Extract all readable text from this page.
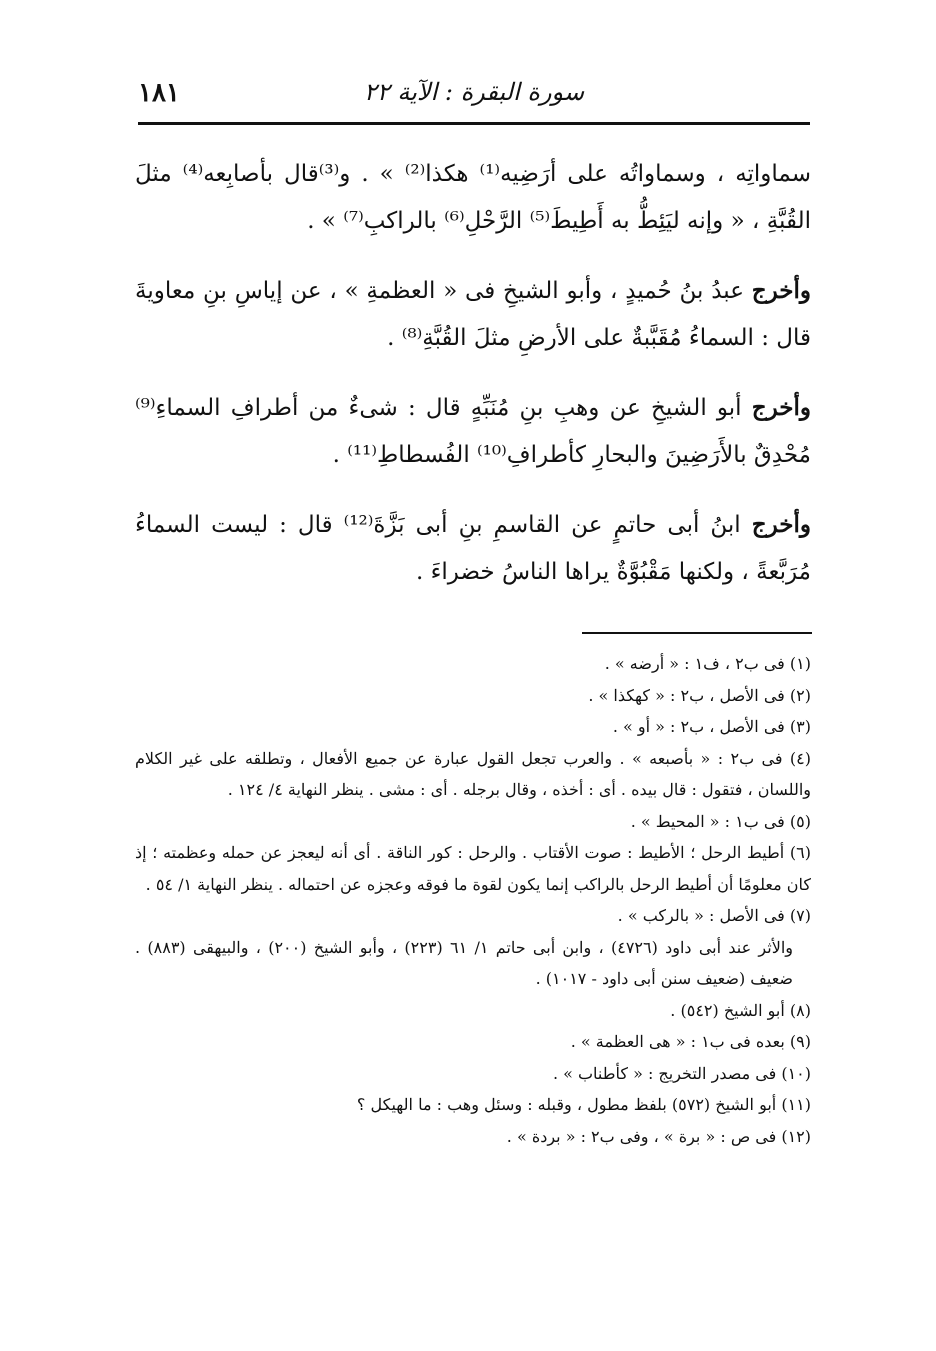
سورة البقرة : الآية ٢٢
١٨١

سماواتِه ، وسماواتُه على أرَضِيه⁽¹⁾ هكذا⁽²⁾ » . و⁽³⁾قال بأصابِعه⁽⁴⁾ مثلَ القُبَّةِ ، « وإنه ليَئِطُّ به أَطِيطَ⁽⁵⁾ الرَّحْلِ⁽⁶⁾ بالراكبِ⁽⁷⁾ » .

وأخرج عبدُ بنُ حُميدٍ ، وأبو الشيخِ فى « العظمةِ » ، عن إياسِ بنِ معاويةَ قال : السماءُ مُقَبَّبةٌ على الأرضِ مثلَ القُبَّةِ⁽⁸⁾ .

وأخرج أبو الشيخِ عن وهبِ بنِ مُنَبِّهٍ قال : شىءٌ من أطرافِ السماءِ⁽⁹⁾ مُحْدِقٌ بالأَرَضِينَ والبحارِ كأطرافِ⁽¹⁰⁾ الفُسطاطِ⁽¹¹⁾ .

وأخرج ابنُ أبى حاتمٍ عن القاسمِ بنِ أبى بَزَّةَ⁽¹²⁾ قال : ليست السماءُ مُرَبَّعةً ، ولكنها مَقْبُوَّةٌ يراها الناسُ خضراءَ .

(١) فى ب٢ ، ف١ : « أرضه » .
(٢) فى الأصل ، ب٢ : « كهكذا » .
(٣) فى الأصل ، ب٢ : « أو » .
(٤) فى ب٢ : « بأصبعه » . والعرب تجعل القول عبارة عن جميع الأفعال ، وتطلقه على غير الكلام واللسان ، فتقول : قال بيده . أى : أخذه ، وقال برجله . أى : مشى . ينظر النهاية ٤/ ١٢٤ .
(٥) فى ب١ : « المحيط » .
(٦) أطيط الرحل ؛ الأطيط : صوت الأقتاب . والرحل : كور الناقة . أى أنه ليعجز عن حمله وعظمته ؛ إذ كان معلومًا أن أطيط الرحل بالراكب إنما يكون لقوة ما فوقه وعجزه عن احتماله . ينظر النهاية ١/ ٥٤ .
(٧) فى الأصل : « بالركب » .
والأثر عند أبى داود (٤٧٢٦) ، وابن أبى حاتم ١/ ٦١ (٢٢٣) ، وأبو الشيخ (٢٠٠) ، والبيهقى (٨٨٣) . ضعيف (ضعيف سنن أبى داود - ١٠١٧) .
(٨) أبو الشيخ (٥٤٢) .
(٩) بعده فى ب١ : « هى العظمة » .
(١٠) فى مصدر التخريج : « كأطناب » .
(١١) أبو الشيخ (٥٧٢) بلفظ مطول ، وقبله : وسئل وهب : ما الهيكل ؟
(١٢) فى ص : « برة » ، وفى ب٢ : « بردة » .
